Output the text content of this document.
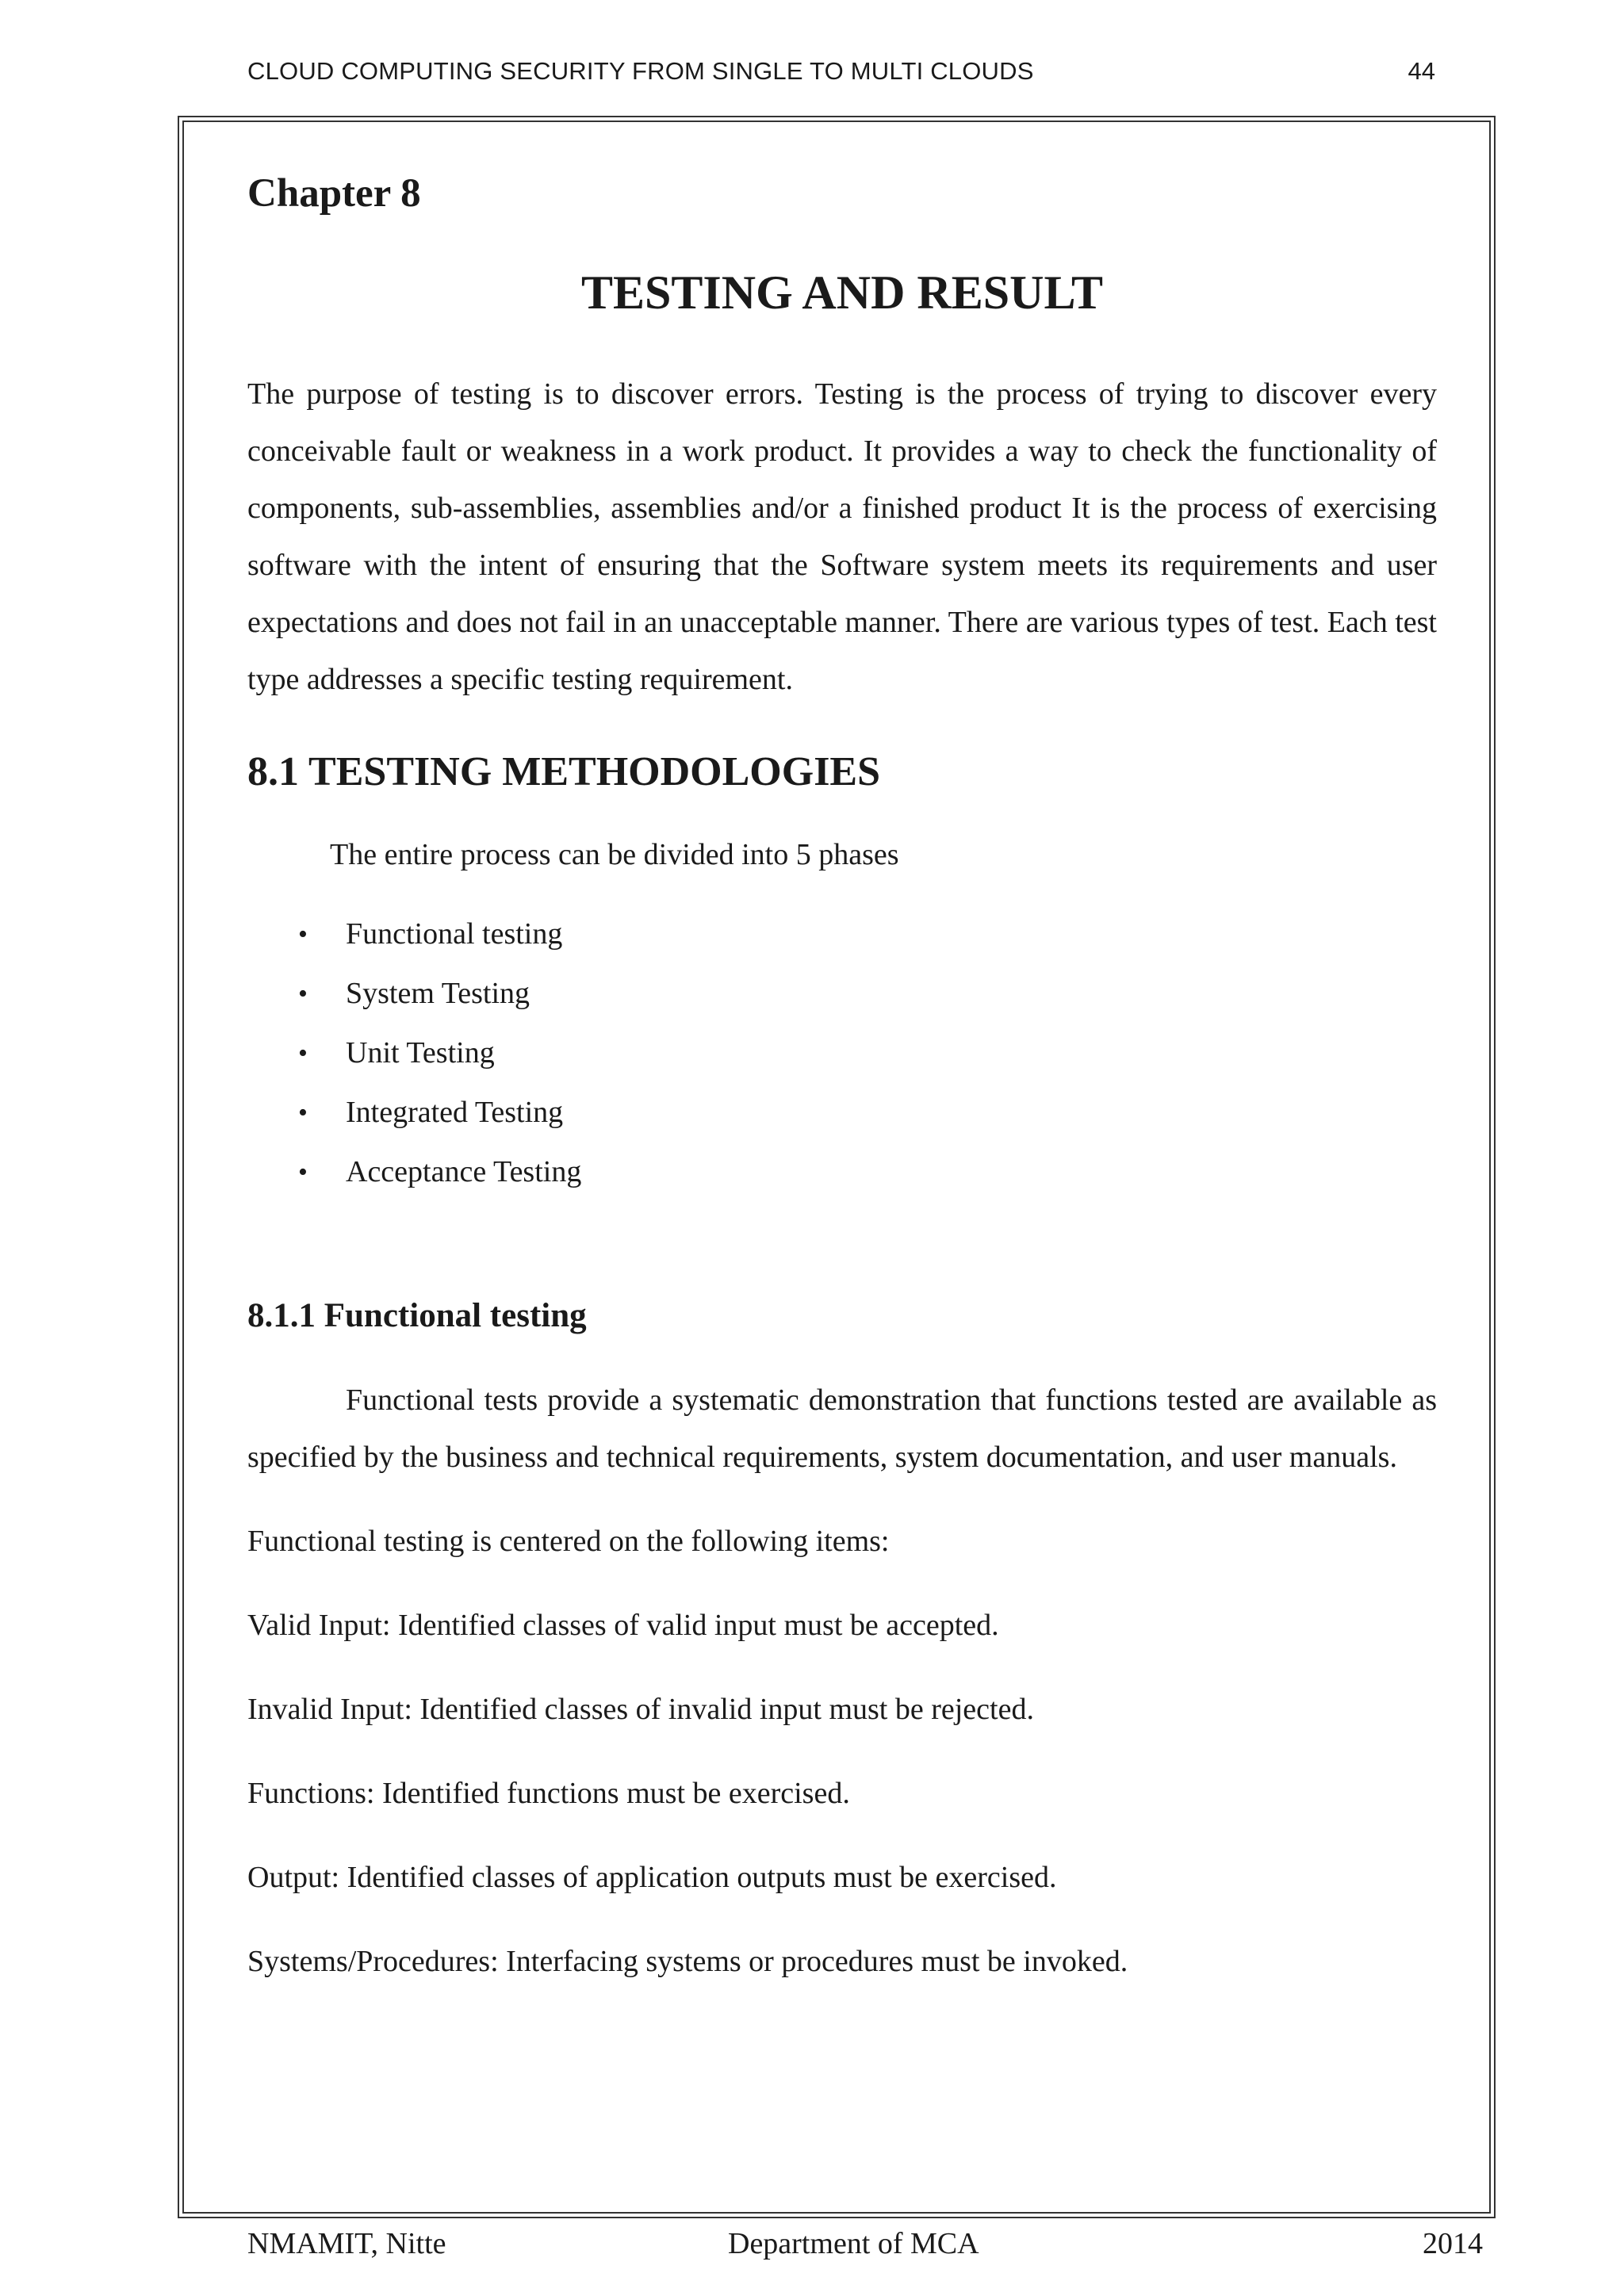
CLOUD COMPUTING SECURITY FROM SINGLE TO MULTI CLOUDS	44
Chapter 8
TESTING AND RESULT

The purpose of testing is to discover errors. Testing is the process of trying to discover every conceivable fault or weakness in a work product. It provides a way to check the functionality of components, sub-assemblies, assemblies and/or a finished product It is the process of exercising software with the intent of ensuring that the Software system meets its requirements and user expectations and does not fail in an unacceptable manner. There are various types of test. Each test type addresses a specific testing requirement.

8.1 TESTING METHODOLOGIES

The entire process can be divided into 5 phases

• Functional testing
• System Testing
• Unit Testing
• Integrated Testing
• Acceptance Testing
8.1.1 Functional testing

Functional tests provide a systematic demonstration that functions tested are available as specified by the business and technical requirements, system documentation, and user manuals.

Functional testing is centered on the following items:

Valid Input: Identified classes of valid input must be accepted.

Invalid Input: Identified classes of invalid input must be rejected.

Functions: Identified functions must be exercised.

Output: Identified classes of application outputs must be exercised.

Systems/Procedures: Interfacing systems or procedures must be invoked.

NMAMIT, Nitte	Department of MCA	2014
